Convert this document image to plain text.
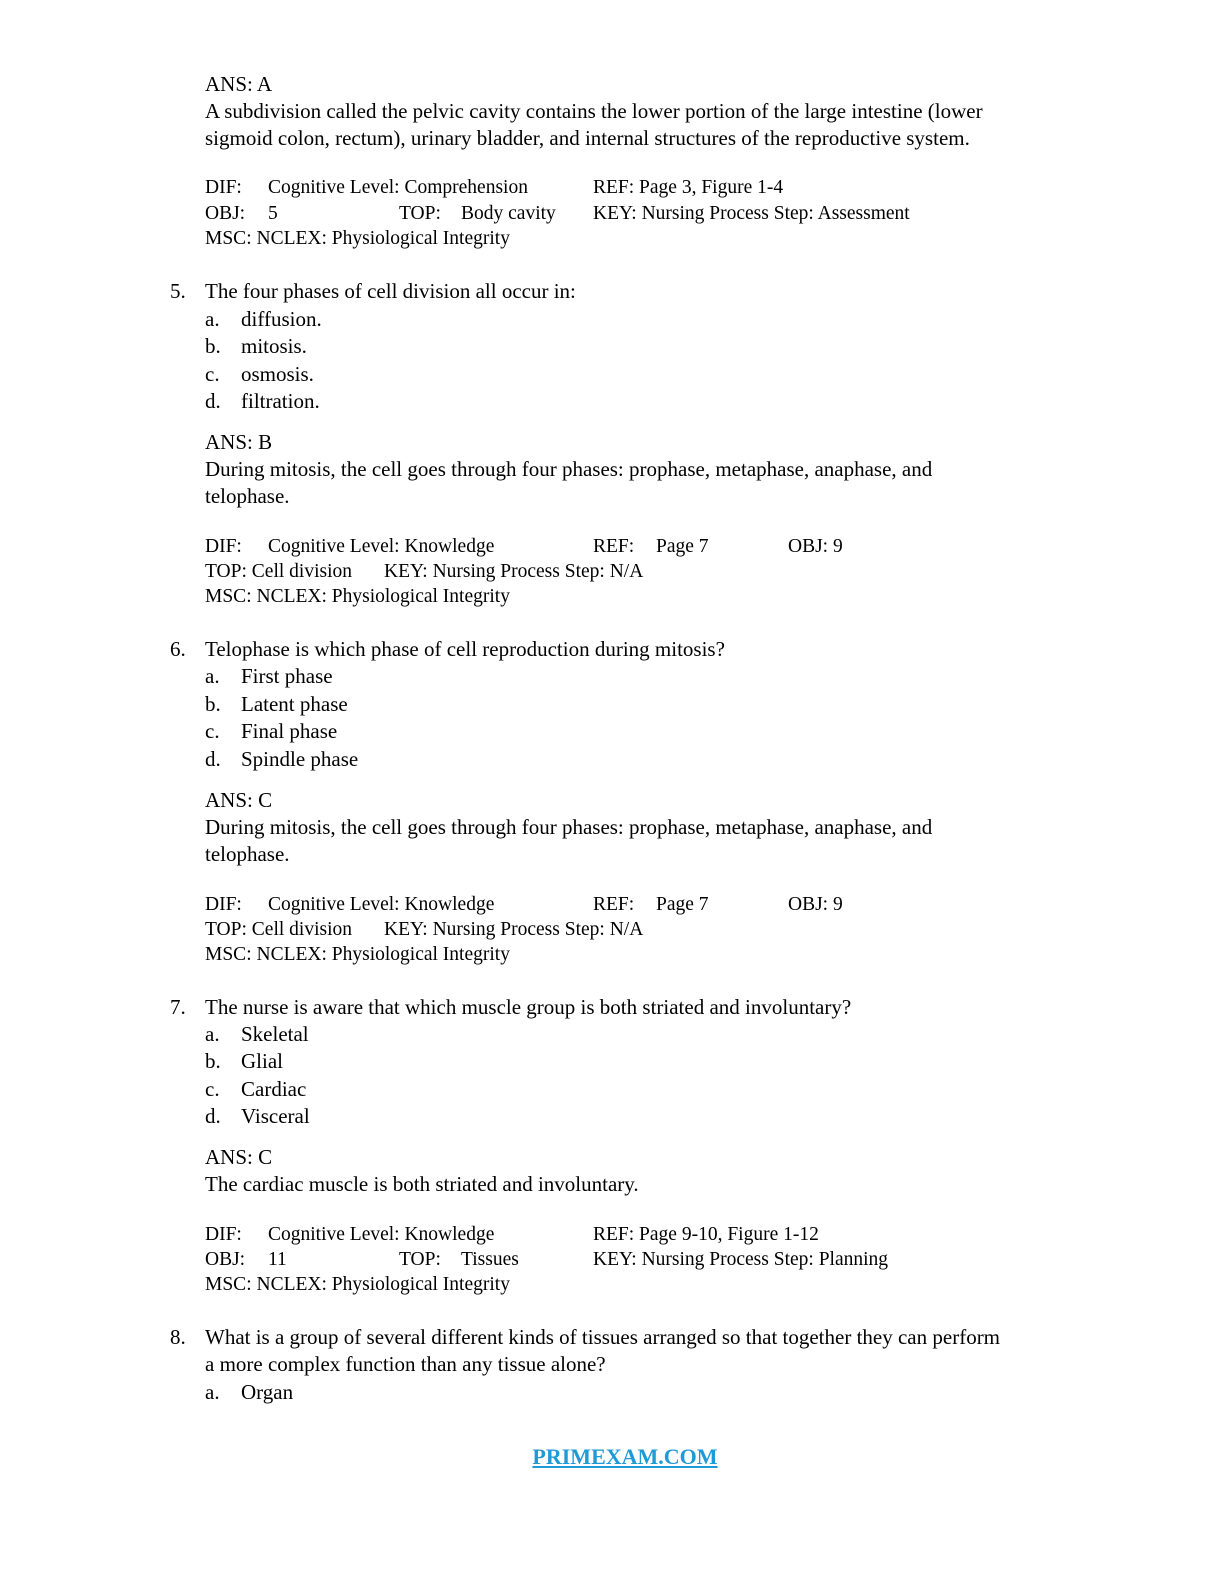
ANS: A
A subdivision called the pelvic cavity contains the lower portion of the large intestine (lower
sigmoid colon, rectum), urinary bladder, and internal structures of the reproductive system.
DIF: Cognitive Level: Comprehension	REF: Page 3, Figure 1-4
OBJ: 5	TOP: Body cavity KEY: Nursing Process Step: Assessment
MSC: NCLEX: Physiological Integrity
5. The four phases of cell division all occur in:
a. diffusion.
b. mitosis.
c. osmosis.
d. filtration.
ANS: B
During mitosis, the cell goes through four phases: prophase, metaphase, anaphase, and
telophase.
DIF: Cognitive Level: Knowledge	REF: Page 7	OBJ: 9
TOP: Cell division KEY: Nursing Process Step: N/A
MSC: NCLEX: Physiological Integrity
6. Telophase is which phase of cell reproduction during mitosis?
a. First phase
b. Latent phase
c. Final phase
d. Spindle phase
ANS: C
During mitosis, the cell goes through four phases: prophase, metaphase, anaphase, and
telophase.
DIF: Cognitive Level: Knowledge	REF: Page 7	OBJ: 9
TOP: Cell division KEY: Nursing Process Step: N/A
MSC: NCLEX: Physiological Integrity
7. The nurse is aware that which muscle group is both striated and involuntary?
a. Skeletal
b. Glial
c. Cardiac
d. Visceral
ANS: C
The cardiac muscle is both striated and involuntary.
DIF: Cognitive Level: Knowledge	REF: Page 9-10, Figure 1-12
OBJ: 11	TOP: Tissues	KEY: Nursing Process Step: Planning
MSC: NCLEX: Physiological Integrity
8. What is a group of several different kinds of tissues arranged so that together they can perform
a more complex function than any tissue alone?
a. Organ
PRIMEXAM.COM
